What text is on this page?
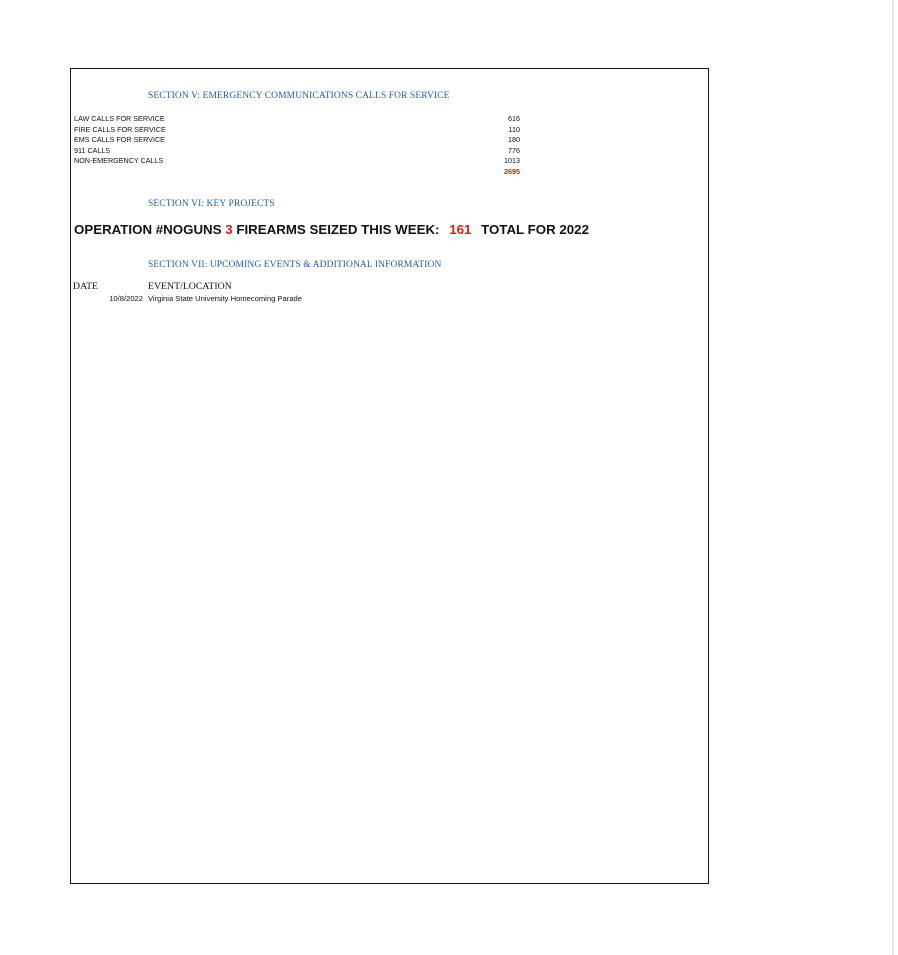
SECTION V: EMERGENCY COMMUNICATIONS CALLS FOR SERVICE
LAW CALLS FOR SERVICE	616
FIRE CALLS FOR SERVICE	110
EMS CALLS FOR SERVICE	180
911 CALLS	776
NON-EMERGENCY CALLS	1013
2695
SECTION VI: KEY PROJECTS
OPERATION #NOGUNS 3 FIREARMS SEIZED THIS WEEK: 161 TOTAL FOR 2022
SECTION VII: UPCOMING EVENTS & ADDITIONAL INFORMATION
DATE	EVENT/LOCATION
10/8/2022 Virginia State University Homecoming Parade
